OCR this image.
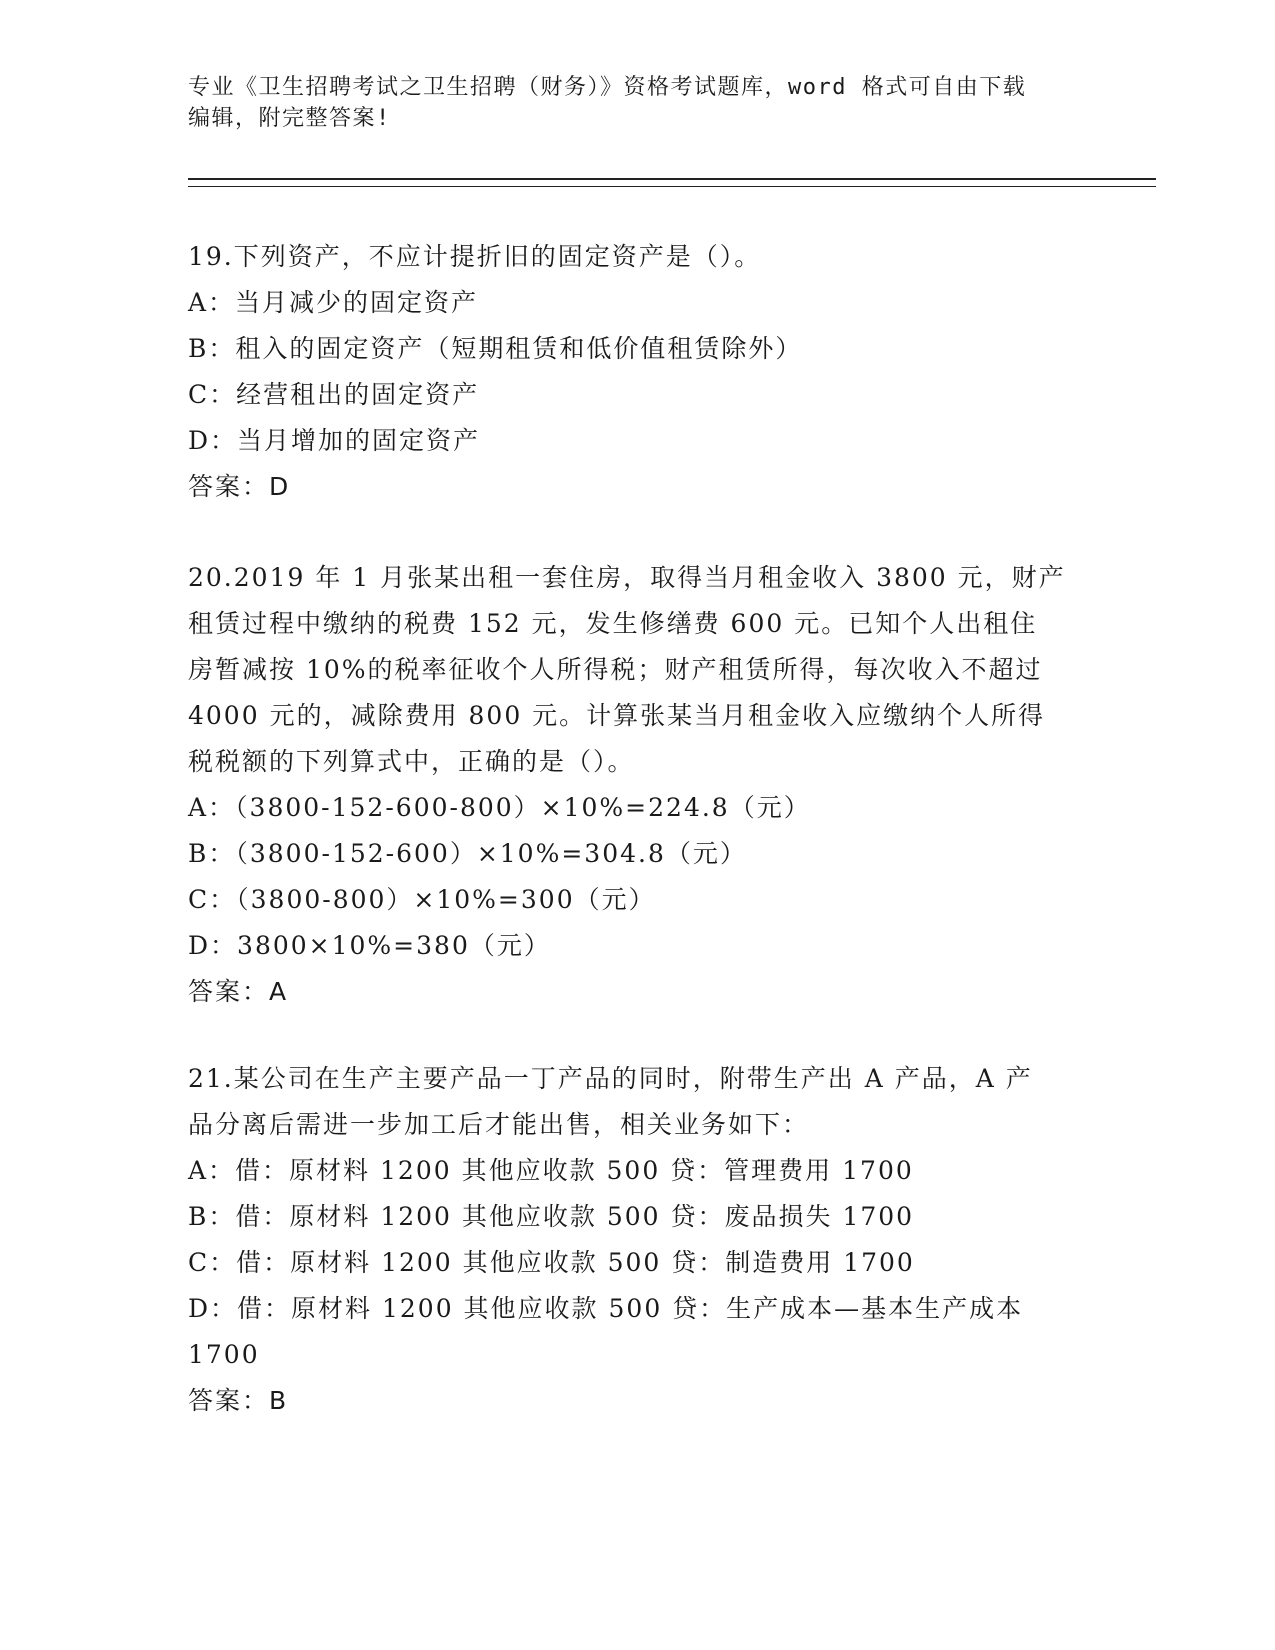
专业《卫生招聘考试之卫生招聘（财务）》资格考试题库，word 格式可自由下载
编辑，附完整答案!
19.下列资产，不应计提折旧的固定资产是（）。
A：当月减少的固定资产
B：租入的固定资产（短期租赁和低价值租赁除外）
C：经营租出的固定资产
D：当月增加的固定资产
答案：D
20.2019 年 1 月张某出租一套住房，取得当月租金收入 3800 元，财产
租赁过程中缴纳的税费 152 元，发生修缮费 600 元。已知个人出租住
房暂减按 10%的税率征收个人所得税；财产租赁所得，每次收入不超过
4000 元的，减除费用 800 元。计算张某当月租金收入应缴纳个人所得
税税额的下列算式中，正确的是（）。
A：（3800-152-600-800）×10%=224.8（元）
B：（3800-152-600）×10%=304.8（元）
C：（3800-800）×10%=300（元）
D：3800×10%=380（元）
答案：A
21.某公司在生产主要产品一丁产品的同时，附带生产出 A 产品，A 产
品分离后需进一步加工后才能出售，相关业务如下：
A：借：原材料 1200 其他应收款 500 贷：管理费用 1700
B：借：原材料 1200 其他应收款 500 贷：废品损失 1700
C：借：原材料 1200 其他应收款 500 贷：制造费用 1700
D：借：原材料 1200 其他应收款 500 贷：生产成本—基本生产成本
1700
答案：B
